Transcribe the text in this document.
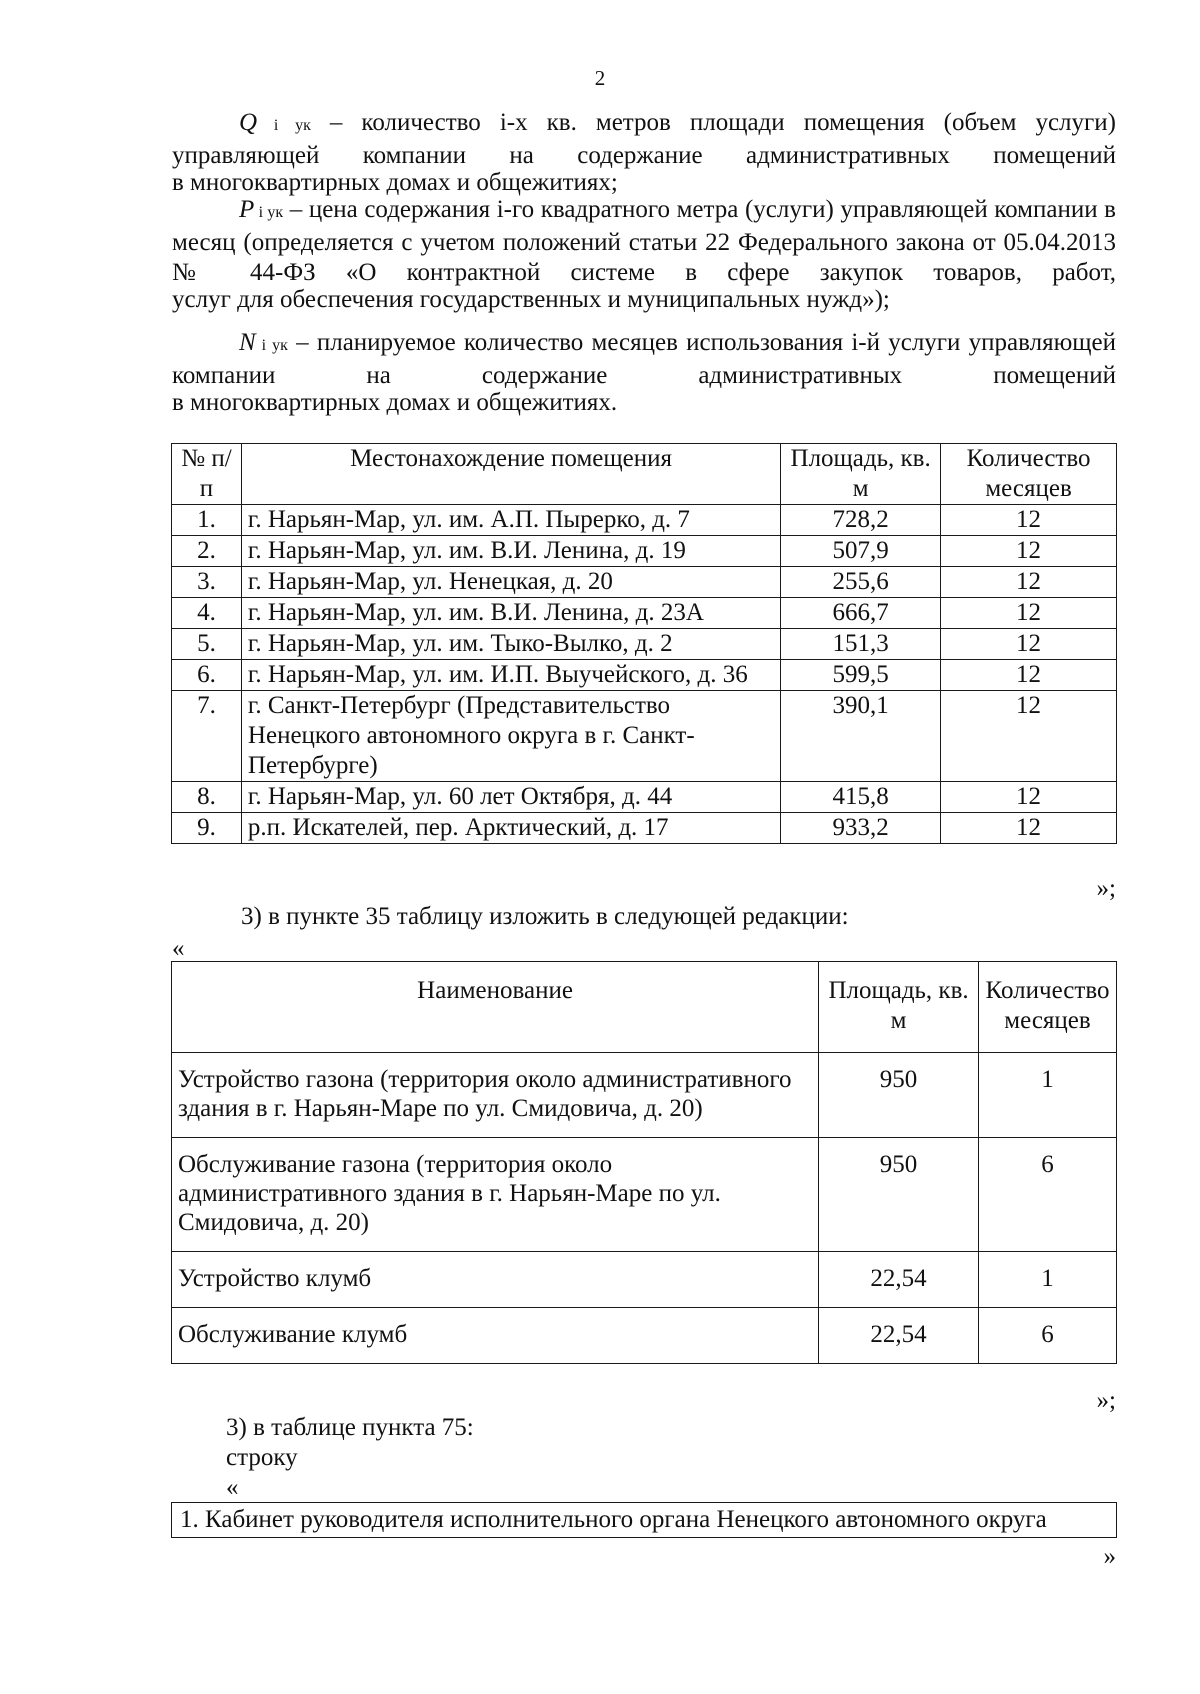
2
Q i ук – количество i-х кв. метров площади помещения (объем услуги) управляющей компании на содержание административных помещений
в многоквартирных домах и общежитиях;
P i ук – цена содержания i-го квадратного метра (услуги) управляющей компании в месяц (определяется с учетом положений статьи 22 Федерального закона от 05.04.2013 № 44-ФЗ «О контрактной системе в сфере закупок товаров, работ,
услуг для обеспечения государственных и муниципальных нужд»);
N i ук – планируемое количество месяцев использования i-й услуги управляющей компании на содержание административных помещений
в многоквартирных домах и общежитиях.
№ п/п	Местонахождение помещения	Площадь, кв. м	Количество месяцев
1.	г. Нарьян-Мар, ул. им. А.П. Пырерко, д. 7	728,2	12
2.	г. Нарьян-Мар, ул. им. В.И. Ленина, д. 19	507,9	12
3.	г. Нарьян-Мар, ул. Ненецкая, д. 20	255,6	12
4.	г. Нарьян-Мар, ул. им. В.И. Ленина, д. 23А	666,7	12
5.	г. Нарьян-Мар, ул. им. Тыко-Вылко, д. 2	151,3	12
6.	г. Нарьян-Мар, ул. им. И.П. Выучейского, д. 36	599,5	12
7.	г. Санкт-Петербург (Представительство Ненецкого автономного округа в г. Санкт-Петербурге)	390,1	12
8.	г. Нарьян-Мар, ул. 60 лет Октября, д. 44	415,8	12
9.	р.п. Искателей, пер. Арктический, д. 17	933,2	12
»;
3) в пункте 35 таблицу изложить в следующей редакции:
«
Наименование	Площадь, кв. м	Количество месяцев
Устройство газона (территория около административного здания в г. Нарьян-Маре по ул. Смидовича, д. 20)	950	1
Обслуживание газона (территория около административного здания в г. Нарьян-Маре по ул. Смидовича, д. 20)	950	6
Устройство клумб	22,54	1
Обслуживание клумб	22,54	6
»;
3) в таблице пункта 75:
строку
«
1. Кабинет руководителя исполнительного органа Ненецкого автономного округа
»
